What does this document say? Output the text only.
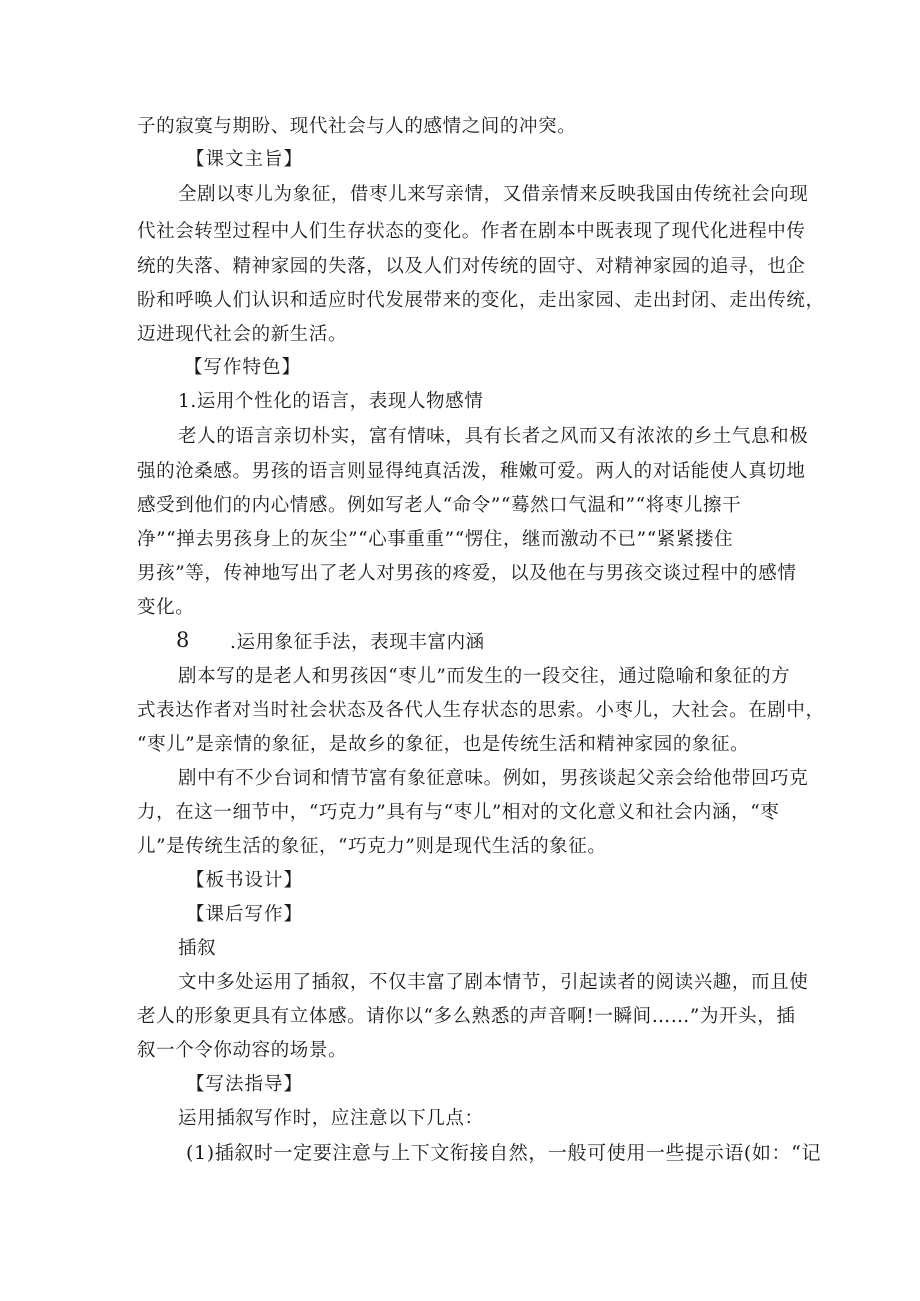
子的寂寞与期盼、现代社会与人的感情之间的冲突。

【课文主旨】

全剧以枣儿为象征，借枣儿来写亲情，又借亲情来反映我国由传统社会向现

代社会转型过程中人们生存状态的变化。作者在剧本中既表现了现代化进程中传

统的失落、精神家园的失落，以及人们对传统的固守、对精神家园的追寻，也企

盼和呼唤人们认识和适应时代发展带来的变化，走出家园、走出封闭、走出传统，

迈进现代社会的新生活。

【写作特色】

1.运用个性化的语言，表现人物感情

老人的语言亲切朴实，富有情味，具有长者之风而又有浓浓的乡土气息和极

强的沧桑感。男孩的语言则显得纯真活泼，稚嫩可爱。两人的对话能使人真切地

感受到他们的内心情感。例如写老人“命令”“蓦然口气温和”“将枣儿擦干

净”“掸去男孩身上的灰尘”“心事重重”“愣住，继而激动不已”“紧紧搂住

男孩”等，传神地写出了老人对男孩的疼爱，以及他在与男孩交谈过程中的感情

变化。

8 .运用象征手法，表现丰富内涵

剧本写的是老人和男孩因“枣儿”而发生的一段交往，通过隐喻和象征的方

式表达作者对当时社会状态及各代人生存状态的思索。小枣儿，大社会。在剧中，

“枣儿”是亲情的象征，是故乡的象征，也是传统生活和精神家园的象征。

剧中有不少台词和情节富有象征意味。例如，男孩谈起父亲会给他带回巧克

力，在这一细节中，“巧克力”具有与“枣儿”相对的文化意义和社会内涵，“枣

儿”是传统生活的象征，“巧克力”则是现代生活的象征。

【板书设计】

【课后写作】

插叙

文中多处运用了插叙，不仅丰富了剧本情节，引起读者的阅读兴趣，而且使

老人的形象更具有立体感。请你以“多么熟悉的声音啊!一瞬间……”为开头，插

叙一个令你动容的场景。

【写法指导】

运用插叙写作时，应注意以下几点：

(1)插叙时一定要注意与上下文衔接自然，一般可使用一些提示语(如：“记
